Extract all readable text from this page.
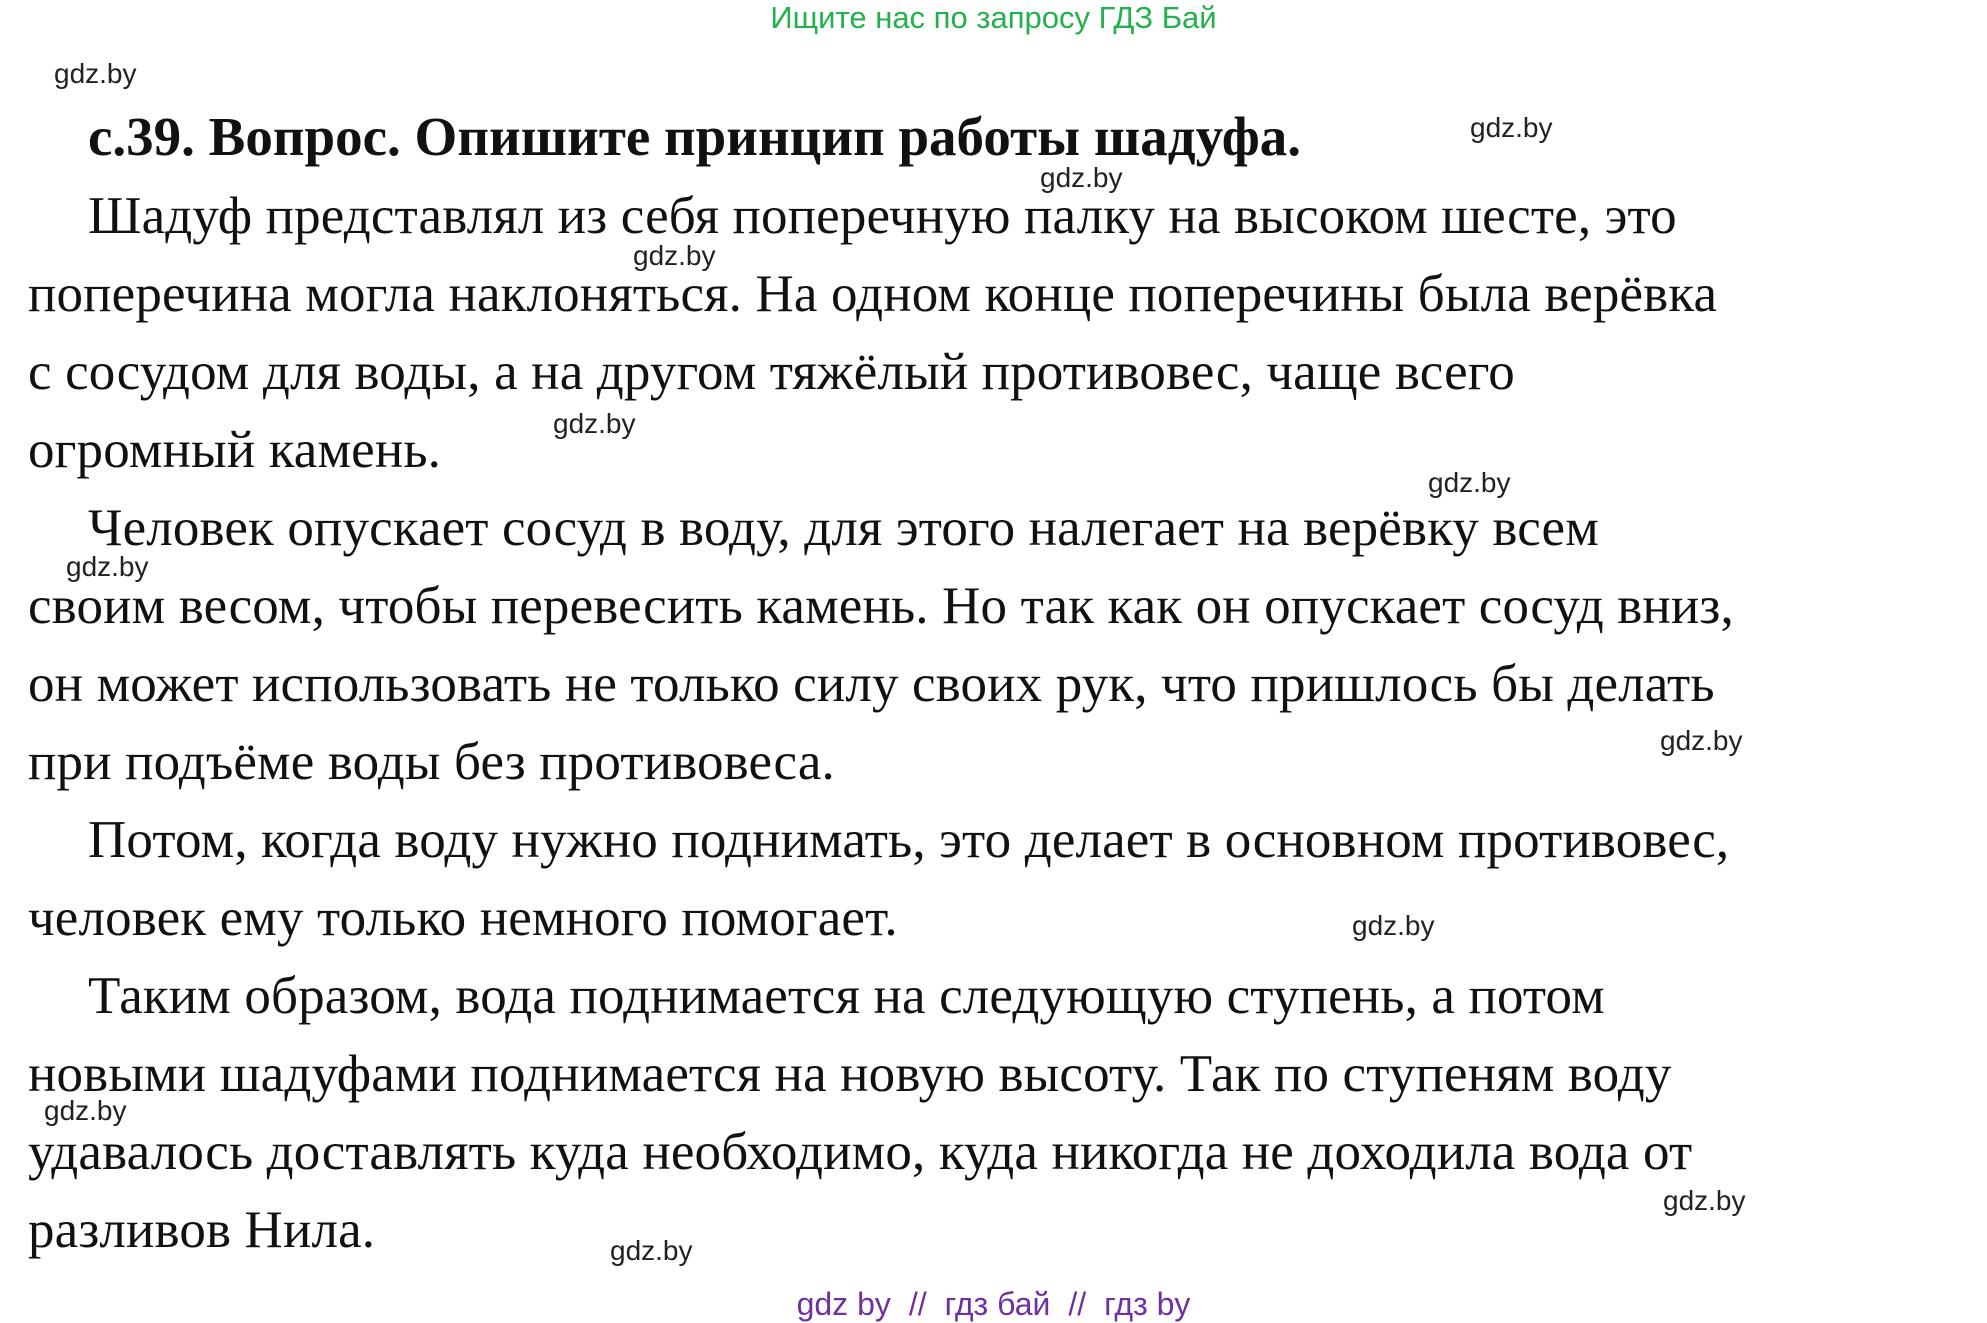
Ищите нас по запросу ГДЗ Бай
с.39. Вопрос. Опишите принцип работы шадуфа.
Шадуф представлял из себя поперечную палку на высоком шесте, это
поперечина могла наклоняться. На одном конце поперечины была верёвка
с сосудом для воды, а на другом тяжёлый противовес, чаще всего
огромный камень.
Человек опускает сосуд в воду, для этого налегает на верёвку всем
своим весом, чтобы перевесить камень. Но так как он опускает сосуд вниз,
он может использовать не только силу своих рук, что пришлось бы делать
при подъёме воды без противовеса.
Потом, когда воду нужно поднимать, это делает в основном противовес,
человек ему только немного помогает.
Таким образом, вода поднимается на следующую ступень, а потом
новыми шадуфами поднимается на новую высоту. Так по ступеням воду
удавалось доставлять куда необходимо, куда никогда не доходила вода от
разливов Нила.
gdz.by
gdz.by
gdz.by
gdz.by
gdz.by
gdz.by
gdz.by
gdz.by
gdz.by
gdz.by
gdz.by
gdz.by
gdz by // гдз бай // гдз by
